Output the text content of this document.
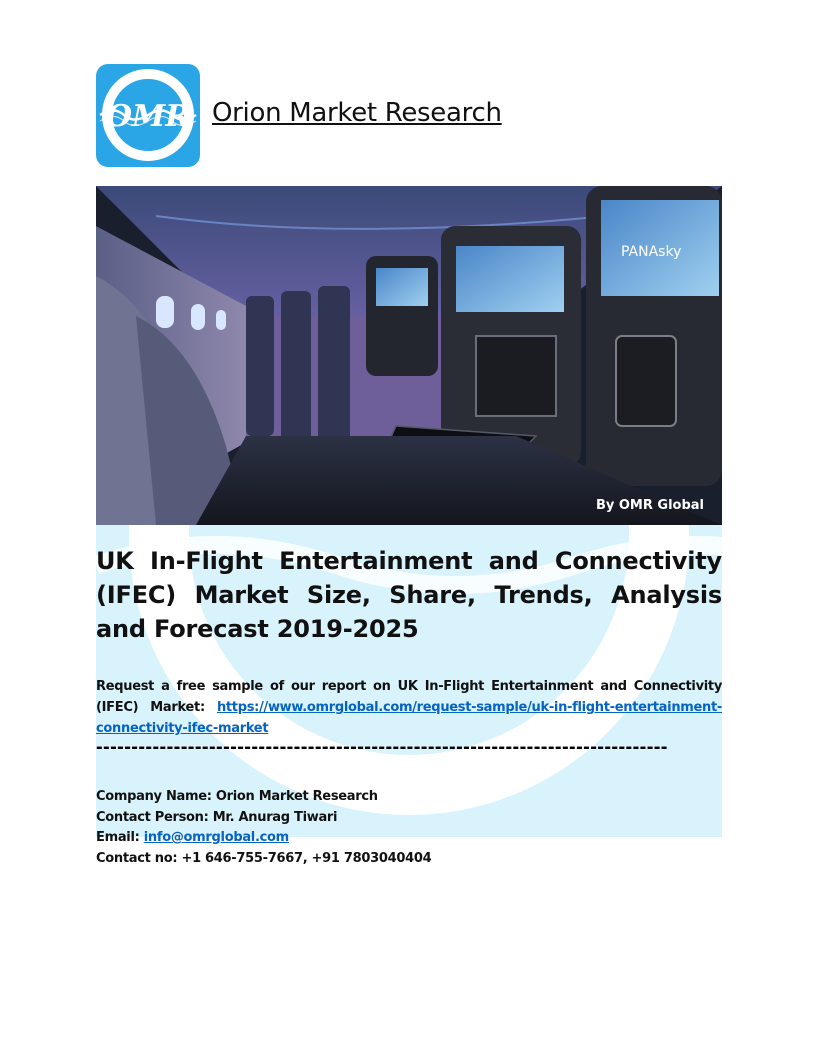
OMR Orion Market Research
PANAsky
By OMR Global
UK In-Flight Entertainment and Connectivity (IFEC) Market Size, Share, Trends, Analysis and Forecast 2019-2025

Request a free sample of our report on UK In-Flight Entertainment and Connectivity (IFEC) Market: https://www.omrglobal.com/request-sample/uk-in-flight-entertainment-connectivity-ifec-market

---------------------------------------------------------------------------------
Company Name: Orion Market Research
Contact Person: Mr. Anurag Tiwari
Email: info@omrglobal.com
Contact no: +1 646-755-7667, +91 7803040404
